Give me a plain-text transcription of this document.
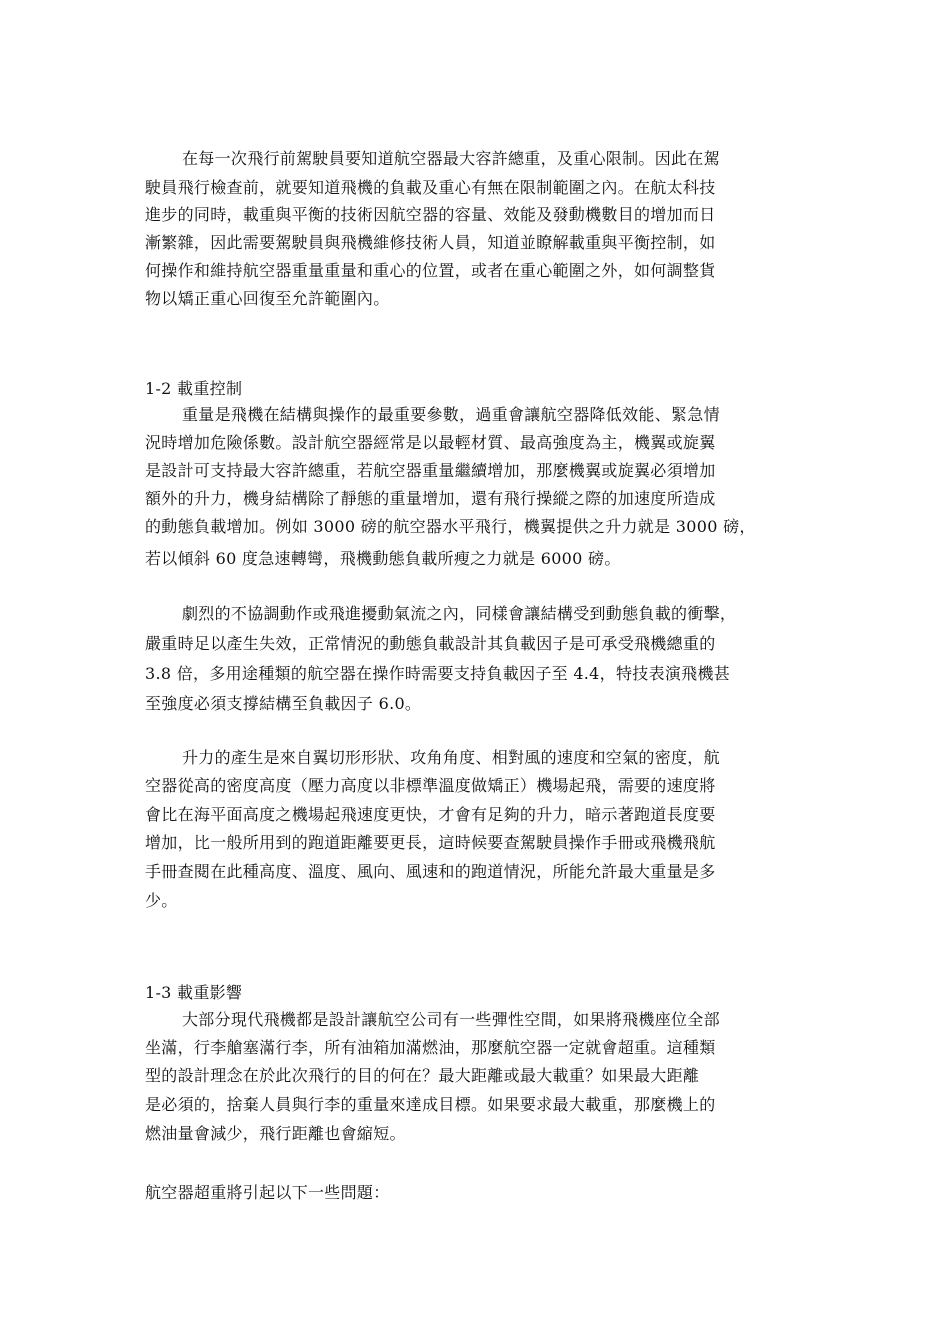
在每一次飛行前駕駛員要知道航空器最大容許總重，及重心限制。因此在駕
駛員飛行檢查前，就要知道飛機的負載及重心有無在限制範圍之內。在航太科技
進步的同時，載重與平衡的技術因航空器的容量、效能及發動機數目的增加而日
漸繁雜，因此需要駕駛員與飛機維修技術人員，知道並瞭解載重與平衡控制，如
何操作和維持航空器重量重量和重心的位置，或者在重心範圍之外，如何調整貨
物以矯正重心回復至允許範圍內。
1-2 載重控制
重量是飛機在結構與操作的最重要參數，過重會讓航空器降低效能、緊急情
況時增加危險係數。設計航空器經常是以最輕材質、最高強度為主，機翼或旋翼
是設計可支持最大容許總重，若航空器重量繼續增加，那麼機翼或旋翼必須增加
額外的升力，機身結構除了靜態的重量增加，還有飛行操縱之際的加速度所造成
的動態負載增加。例如 3000 磅的航空器水平飛行，機翼提供之升力就是 3000 磅，
若以傾斜 60 度急速轉彎，飛機動態負載所瘦之力就是 6000 磅。
劇烈的不協調動作或飛進擾動氣流之內，同樣會讓結構受到動態負載的衝擊，
嚴重時足以產生失效，正常情況的動態負載設計其負載因子是可承受飛機總重的
3.8 倍，多用途種類的航空器在操作時需要支持負載因子至 4.4，特技表演飛機甚
至強度必須支撐結構至負載因子 6.0。
升力的產生是來自翼切形形狀、攻角角度、相對風的速度和空氣的密度，航
空器從高的密度高度（壓力高度以非標準溫度做矯正）機場起飛，需要的速度將
會比在海平面高度之機場起飛速度更快，才會有足夠的升力，暗示著跑道長度要
增加，比一般所用到的跑道距離要更長，這時候要查駕駛員操作手冊或飛機飛航
手冊查閱在此種高度、溫度、風向、風速和的跑道情況，所能允許最大重量是多
少。
1-3 載重影響
大部分現代飛機都是設計讓航空公司有一些彈性空間，如果將飛機座位全部
坐滿，行李艙塞滿行李，所有油箱加滿燃油，那麼航空器一定就會超重。這種類
型的設計理念在於此次飛行的目的何在？最大距離或最大載重？如果最大距離
是必須的，捨棄人員與行李的重量來達成目標。如果要求最大載重，那麼機上的
燃油量會減少，飛行距離也會縮短。
航空器超重將引起以下一些問題：
